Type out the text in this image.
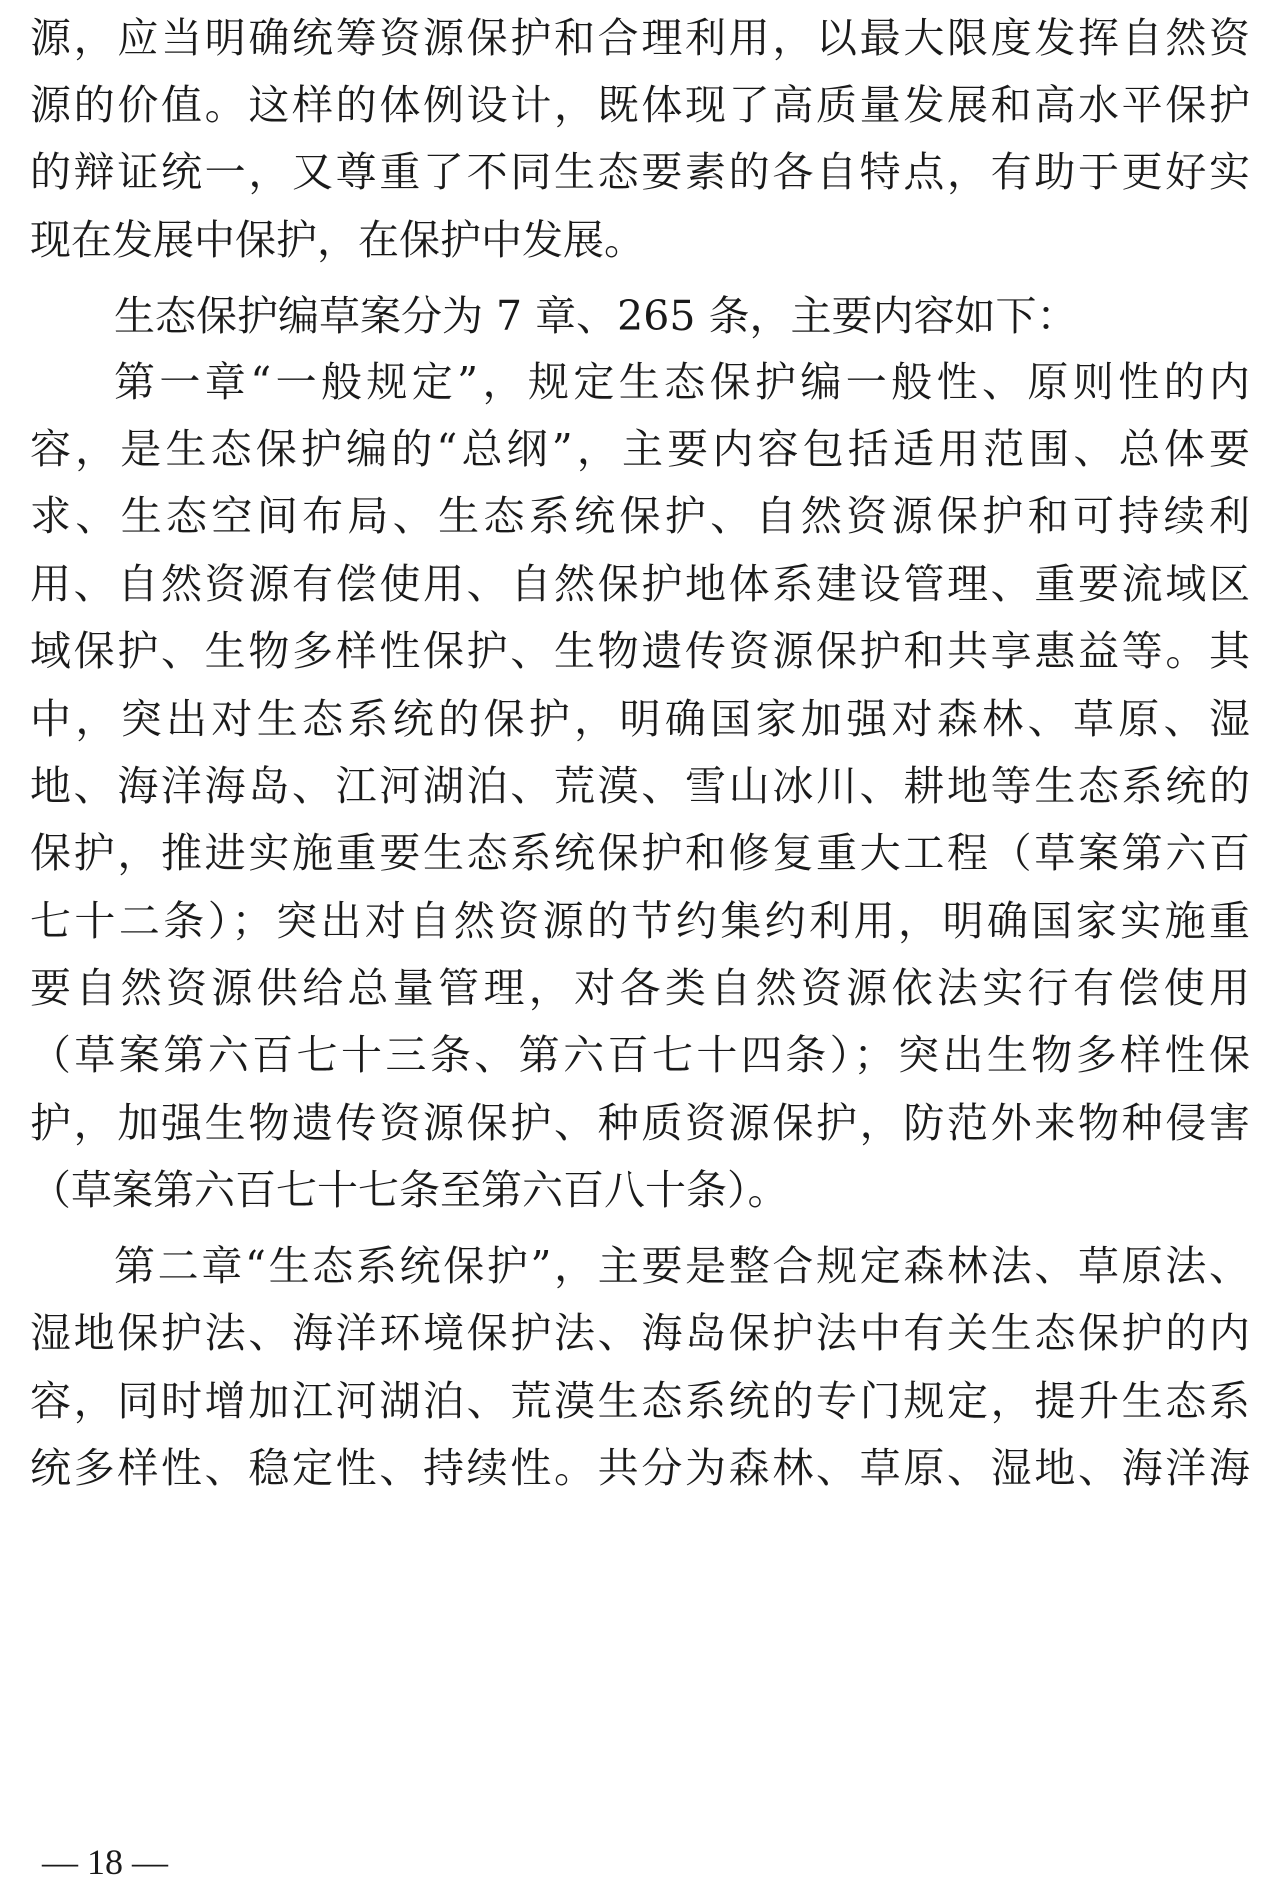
源，应当明确统筹资源保护和合理利用，以最大限度发挥自然资
源的价值。这样的体例设计，既体现了高质量发展和高水平保护
的辩证统一，又尊重了不同生态要素的各自特点，有助于更好实
现在发展中保护，在保护中发展。
生态保护编草案分为 7 章、265 条，主要内容如下：
第一章“一般规定”，规定生态保护编一般性、原则性的内
容，是生态保护编的“总纲”，主要内容包括适用范围、总体要
求、生态空间布局、生态系统保护、自然资源保护和可持续利
用、自然资源有偿使用、自然保护地体系建设管理、重要流域区
域保护、生物多样性保护、生物遗传资源保护和共享惠益等。其
中，突出对生态系统的保护，明确国家加强对森林、草原、湿
地、海洋海岛、江河湖泊、荒漠、雪山冰川、耕地等生态系统的
保护，推进实施重要生态系统保护和修复重大工程（草案第六百
七十二条）；突出对自然资源的节约集约利用，明确国家实施重
要自然资源供给总量管理，对各类自然资源依法实行有偿使用
（草案第六百七十三条、第六百七十四条）；突出生物多样性保
护，加强生物遗传资源保护、种质资源保护，防范外来物种侵害
（草案第六百七十七条至第六百八十条）。
第二章“生态系统保护”，主要是整合规定森林法、草原法、
湿地保护法、海洋环境保护法、海岛保护法中有关生态保护的内
容，同时增加江河湖泊、荒漠生态系统的专门规定，提升生态系
统多样性、稳定性、持续性。共分为森林、草原、湿地、海洋海
— 18 —
